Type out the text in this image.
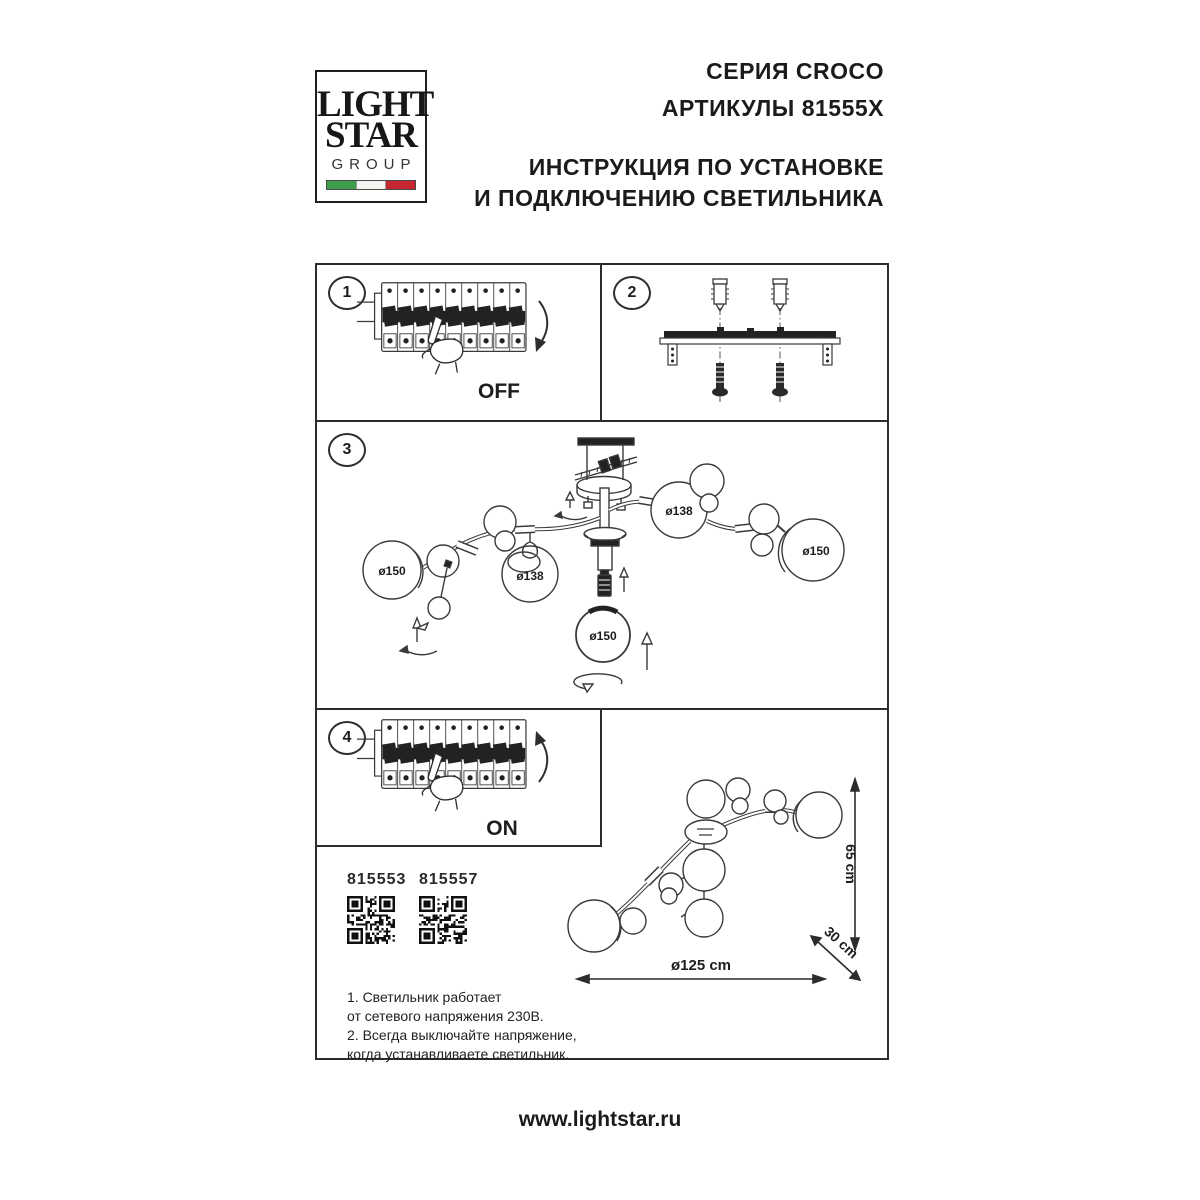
LIGHT
STAR
GROUP
СЕРИЯ CROCO
АРТИКУЛЫ 81555X
ИНСТРУКЦИЯ ПО УСТАНОВКЕ
И ПОДКЛЮЧЕНИЮ СВЕТИЛЬНИКА
1
OFF
2
3
ø150	ø138
ø138
ø150
ø150
4
ON
815553 815557
1. Светильник работает
от сетевого напряжения 230В.
2. Всегда выключайте напряжение,
когда устанавливаете светильник.
65 cm
30 cm
ø125 cm
www.lightstar.ru
